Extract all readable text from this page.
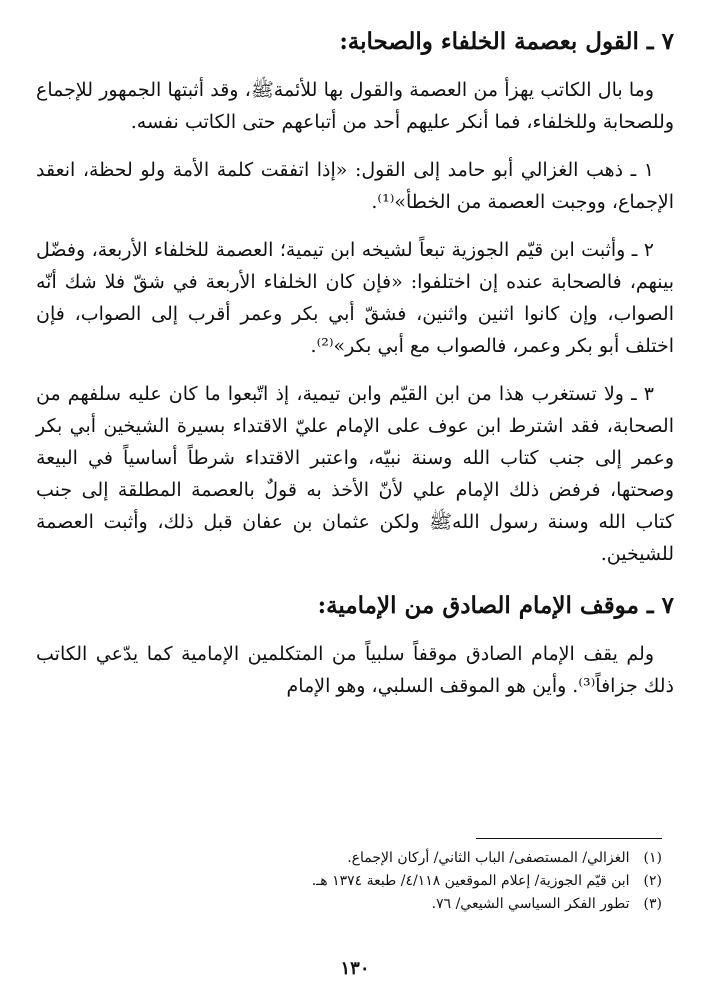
٧ ـ القول بعصمة الخلفاء والصحابة:

وما بال الكاتب يهزأ من العصمة والقول بها للأئمةﷺ، وقد أثبتها الجمهور للإجماع وللصحابة وللخلفاء، فما أنكر عليهم أحد من أتباعهم حتى الكاتب نفسه.

١ ـ ذهب الغزالي أبو حامد إلى القول: «إذا اتفقت كلمة الأمة ولو لحظة، انعقد الإجماع، ووجبت العصمة من الخطأ»⁽¹⁾.

٢ ـ وأثبت ابن قيّم الجوزية تبعاً لشيخه ابن تيمية؛ العصمة للخلفاء الأربعة، وفضّل بينهم، فالصحابة عنده إن اختلفوا: «فإن كان الخلفاء الأربعة في شقّ فلا شك أنّه الصواب، وإن كانوا اثنين واثنين، فشقّ أبي بكر وعمر أقرب إلى الصواب، فإن اختلف أبو بكر وعمر، فالصواب مع أبي بكر»⁽²⁾.

٣ ـ ولا تستغرب هذا من ابن القيّم وابن تيمية، إذ اتّبعوا ما كان عليه سلفهم من الصحابة، فقد اشترط ابن عوف على الإمام عليّ الاقتداء بسيرة الشيخين أبي بكر وعمر إلى جنب كتاب الله وسنة نبيّه، واعتبر الاقتداء شرطاً أساسياً في البيعة وصحتها، فرفض ذلك الإمام علي لأنّ الأخذ به قولٌ بالعصمة المطلقة إلى جنب كتاب الله وسنة رسول اللهﷺ ولكن عثمان بن عفان قبل ذلك، وأثبت العصمة للشيخين.

٧ ـ موقف الإمام الصادق من الإمامية:

ولم يقف الإمام الصادق موقفاً سلبياً من المتكلمين الإمامية كما يدّعي الكاتب ذلك جزافاً⁽³⁾. وأين هو الموقف السلبي، وهو الإمام

(١) الغزالي/ المستصفى/ الباب الثاني/ أركان الإجماع.
(٢) ابن قيّم الجوزية/ إعلام الموقعين ٤/١١٨/ طبعة ١٣٧٤ هـ.
(٣) تطور الفكر السياسي الشيعي/ ٧٦.
١٣٠
